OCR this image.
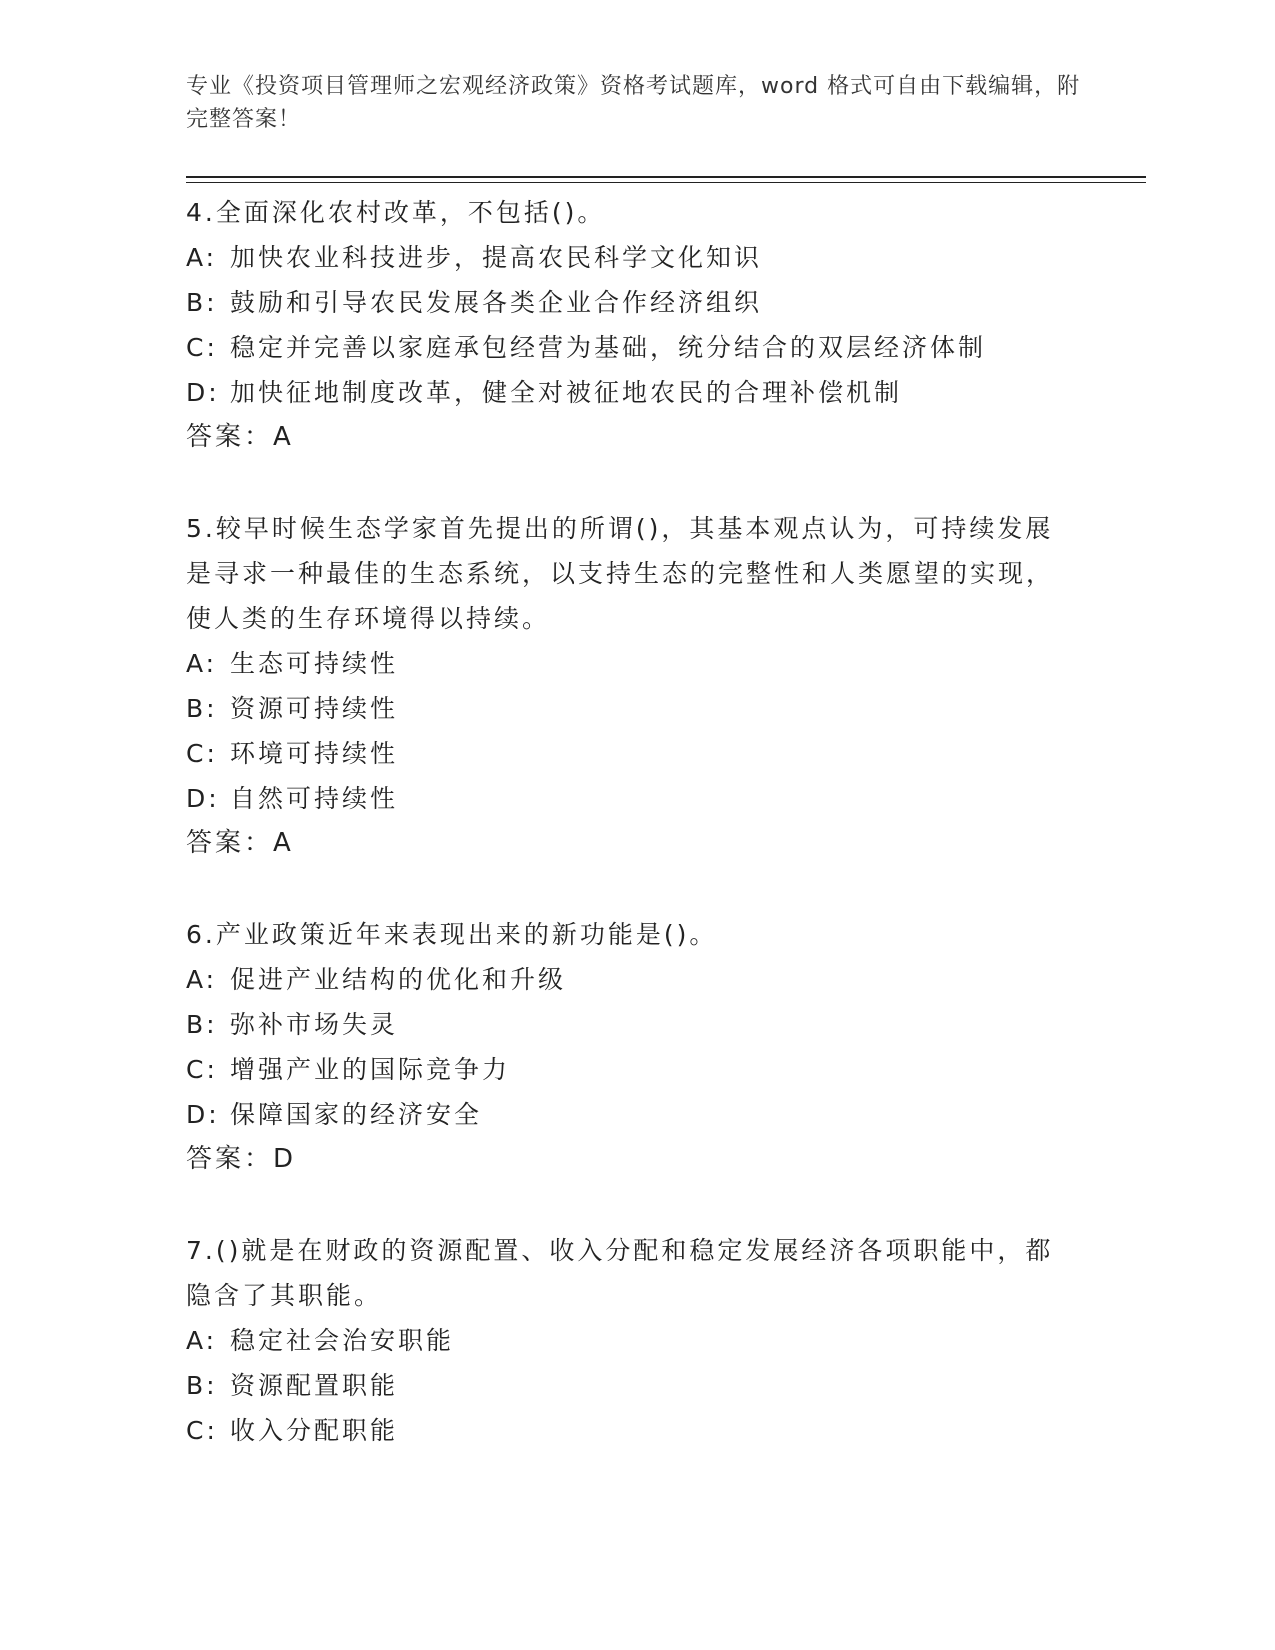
专业《投资项目管理师之宏观经济政策》资格考试题库，word 格式可自由下载编辑，附完整答案！

4.全面深化农村改革，不包括()。

A: 加快农业科技进步，提高农民科学文化知识

B: 鼓励和引导农民发展各类企业合作经济组织

C: 稳定并完善以家庭承包经营为基础，统分结合的双层经济体制

D: 加快征地制度改革，健全对被征地农民的合理补偿机制

答案：A

5.较早时候生态学家首先提出的所谓()，其基本观点认为，可持续发展是寻求一种最佳的生态系统，以支持生态的完整性和人类愿望的实现，使人类的生存环境得以持续。

A: 生态可持续性

B: 资源可持续性

C: 环境可持续性

D: 自然可持续性

答案：A

6.产业政策近年来表现出来的新功能是()。

A: 促进产业结构的优化和升级

B: 弥补市场失灵

C: 增强产业的国际竞争力

D: 保障国家的经济安全

答案：D

7.()就是在财政的资源配置、收入分配和稳定发展经济各项职能中，都隐含了其职能。

A: 稳定社会治安职能

B: 资源配置职能

C: 收入分配职能
